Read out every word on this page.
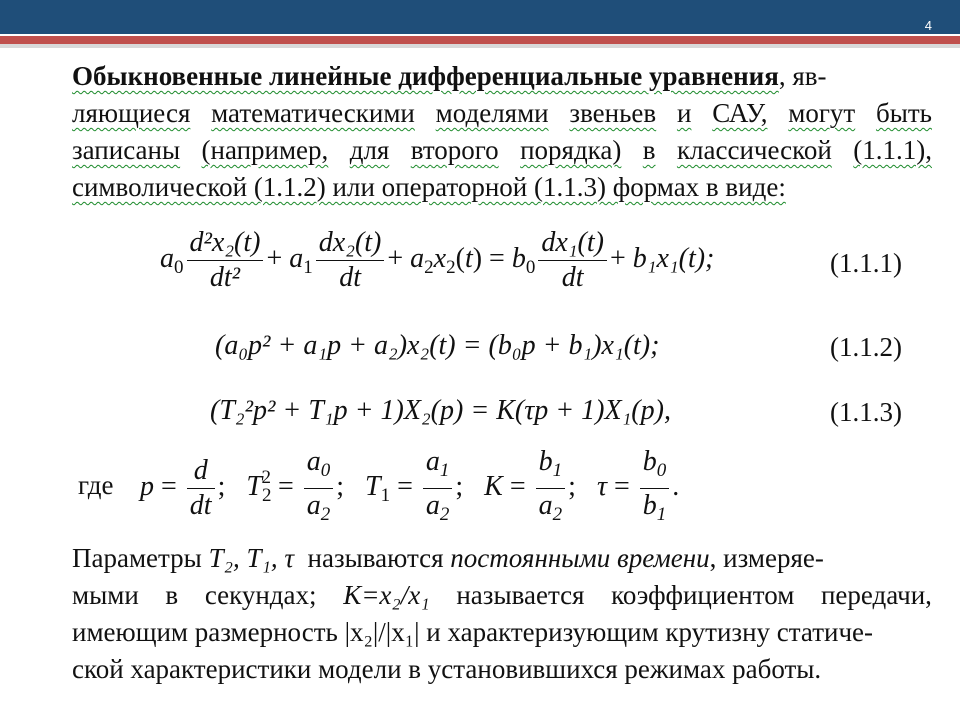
4
Обыкновенные линейные дифференциальные уравнения, яв-
ляющиеся математическими моделями звеньев и САУ, могут быть
записаны (например, для второго порядка) в классической (1.1.1),
символической (1.1.2) или операторной (1.1.3) формах в виде:
$a_0 \frac{\text{d²x₂(t)}}{\text{dt²}} + a_1 \frac{\text{dx₂(t)}}{dt} + a_2x_2(t) = b_0 \frac{\text{dx₁(t)}}{dt} + b_1x_1(t)$;	(1.1.1)
(a₀p² + a₁p + a₂)x₂(t) = (b₀p + b₁)x₁(t);	(1.1.2)
(T₂²p² + T₁p + 1)X₂(p) = K(τp + 1)X₁(p),	(1.1.3)
где $p = \frac{d}{dt}$ ;   $T_2^2 = \frac{a_0}{a_2}$ ;   $T_1 = \frac{a_1}{a_2}$ ;   $K = \frac{b_1}{a_2}$ ;   $\tau = \frac{b_0}{b_1}$ .
Параметры
T₂, T₁, τ
называются
постоянными времени , измеряе-
мыми в секундах; K=x₂/x₁ называется коэффициентом передачи,
имеющим размерность |x₂|/|x₁| и характеризующим крутизну статиче-
ской характеристики модели в установившихся режимах работы.
